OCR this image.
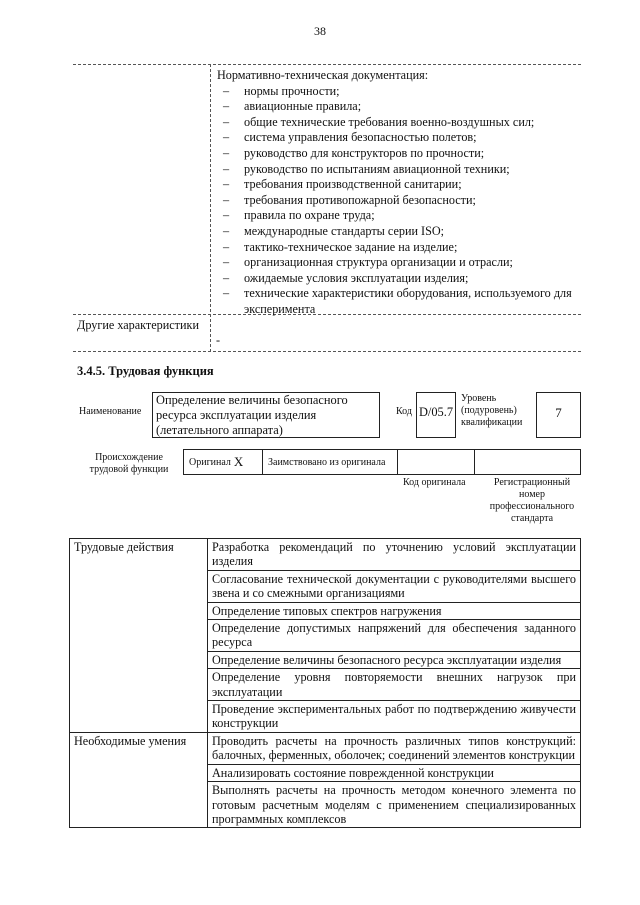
38
Нормативно-техническая документация:
– нормы прочности;
– авиационные правила;
– общие технические требования военно-воздушных сил;
– система управления безопасностью полетов;
– руководство для конструкторов по прочности;
– руководство по испытаниям авиационной техники;
– требования производственной санитарии;
– требования противопожарной безопасности;
– правила по охране труда;
– международные стандарты серии ISO;
– тактико-техническое задание на изделие;
– организационная структура организации и отрасли;
– ожидаемые условия эксплуатации изделия;
– технические характеристики оборудования, используемого для эксперимента
Другие характеристики
-
3.4.5. Трудовая функция
Наименование
Определение величины безопасного ресурса эксплуатации изделия (летательного аппарата)
Код D/05.7
Уровень (подуровень) квалификации
7
Происхождение трудовой функции
Оригинал X	Заимствовано из оригинала
Код оригинала	Регистрационный номер профессионального стандарта
Трудовые действия	Разработка рекомендаций по уточнению условий эксплуатации изделия
	Согласование технической документации с руководителями высшего звена и со смежными организациями
	Определение типовых спектров нагружения
	Определение допустимых напряжений для обеспечения заданного ресурса
	Определение величины безопасного ресурса эксплуатации изделия
	Определение уровня повторяемости внешних нагрузок при эксплуатации
	Проведение экспериментальных работ по подтверждению живучести конструкции
Необходимые умения	Проводить расчеты на прочность различных типов конструкций: балочных, ферменных, оболочек; соединений элементов конструкции
	Анализировать состояние поврежденной конструкции
	Выполнять расчеты на прочность методом конечного элемента по готовым расчетным моделям с применением специализированных программных комплексов
